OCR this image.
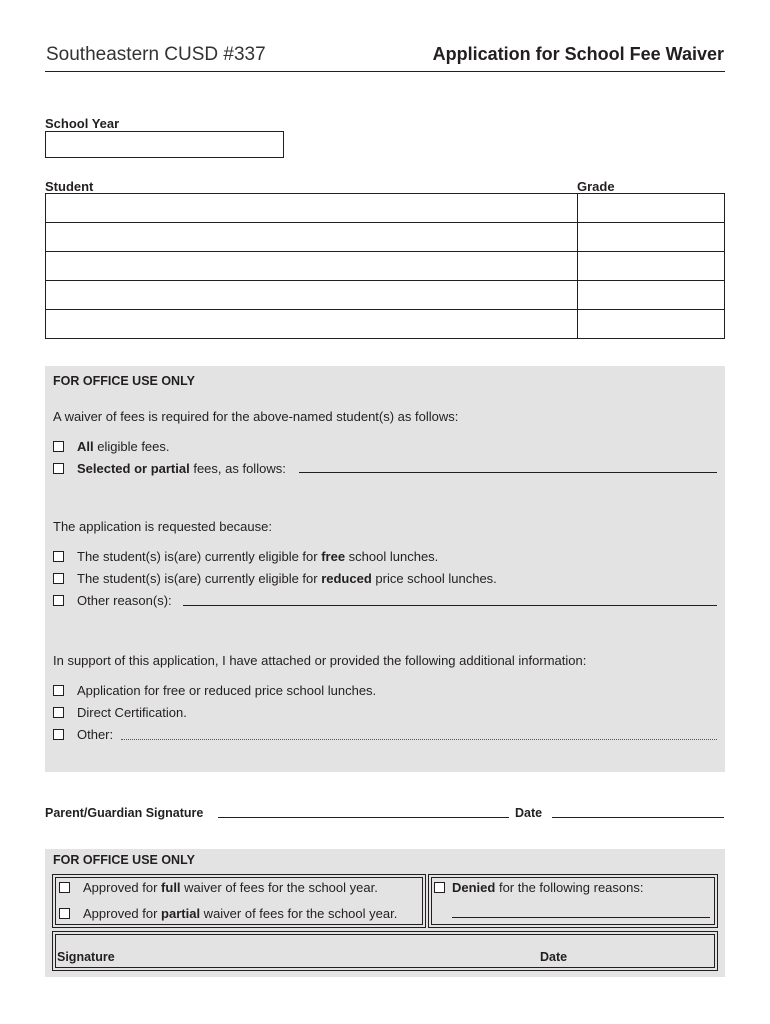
Southeastern CUSD #337	Application for School Fee Waiver
School Year
Student	Grade

FOR OFFICE USE ONLY
A waiver of fees is required for the above-named student(s) as follows:
All eligible fees.
Selected or partial fees, as follows:
The application is requested because:
The student(s) is(are) currently eligible for free school lunches.
The student(s) is(are) currently eligible for reduced price school lunches.
Other reason(s):
In support of this application, I have attached or provided the following additional information:
Application for free or reduced price school lunches.
Direct Certification.
Other:
Parent/Guardian Signature	Date
FOR OFFICE USE ONLY
Approved for full waiver of fees for the school year.
Approved for partial waiver of fees for the school year.
Denied for the following reasons:
Signature	Date
